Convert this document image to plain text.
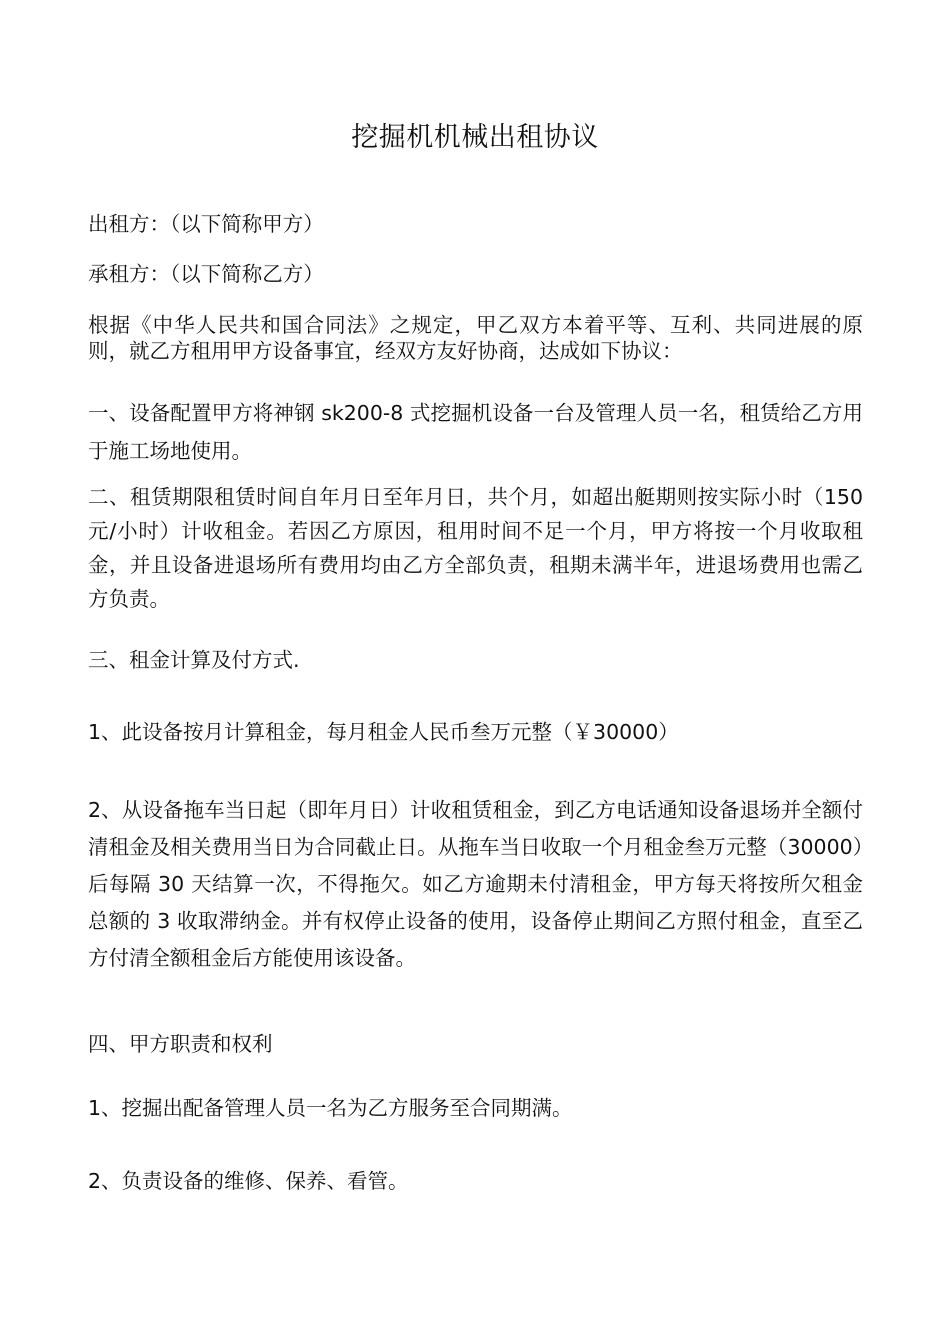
挖掘机机械出租协议

出租方：（以下简称甲方）

承租方：（以下简称乙方）

根据《中华人民共和国合同法》之规定，甲乙双方本着平等、互利、共同进展的原则，就乙方租用甲方设备事宜，经双方友好协商，达成如下协议：

一、设备配置甲方将神钢 sk200-8 式挖掘机设备一台及管理人员一名，租赁给乙方用于施工场地使用。

二、租赁期限租赁时间自年月日至年月日，共个月，如超出艇期则按实际小时（150 元/小时）计收租金。若因乙方原因，租用时间不足一个月，甲方将按一个月收取租金，并且设备进退场所有费用均由乙方全部负责，租期未满半年，进退场费用也需乙方负责。

三、租金计算及付方式.

1、此设备按月计算租金，每月租金人民币叁万元整（￥30000）

2、从设备拖车当日起（即年月日）计收租赁租金，到乙方电话通知设备退场并全额付清租金及相关费用当日为合同截止日。从拖车当日收取一个月租金叁万元整（30000）后每隔 30 天结算一次，不得拖欠。如乙方逾期未付清租金，甲方每天将按所欠租金总额的 3 收取滞纳金。并有权停止设备的使用，设备停止期间乙方照付租金，直至乙方付清全额租金后方能使用该设备。

四、甲方职责和权利

1、挖掘出配备管理人员一名为乙方服务至合同期满。

2、负责设备的维修、保养、看管。
